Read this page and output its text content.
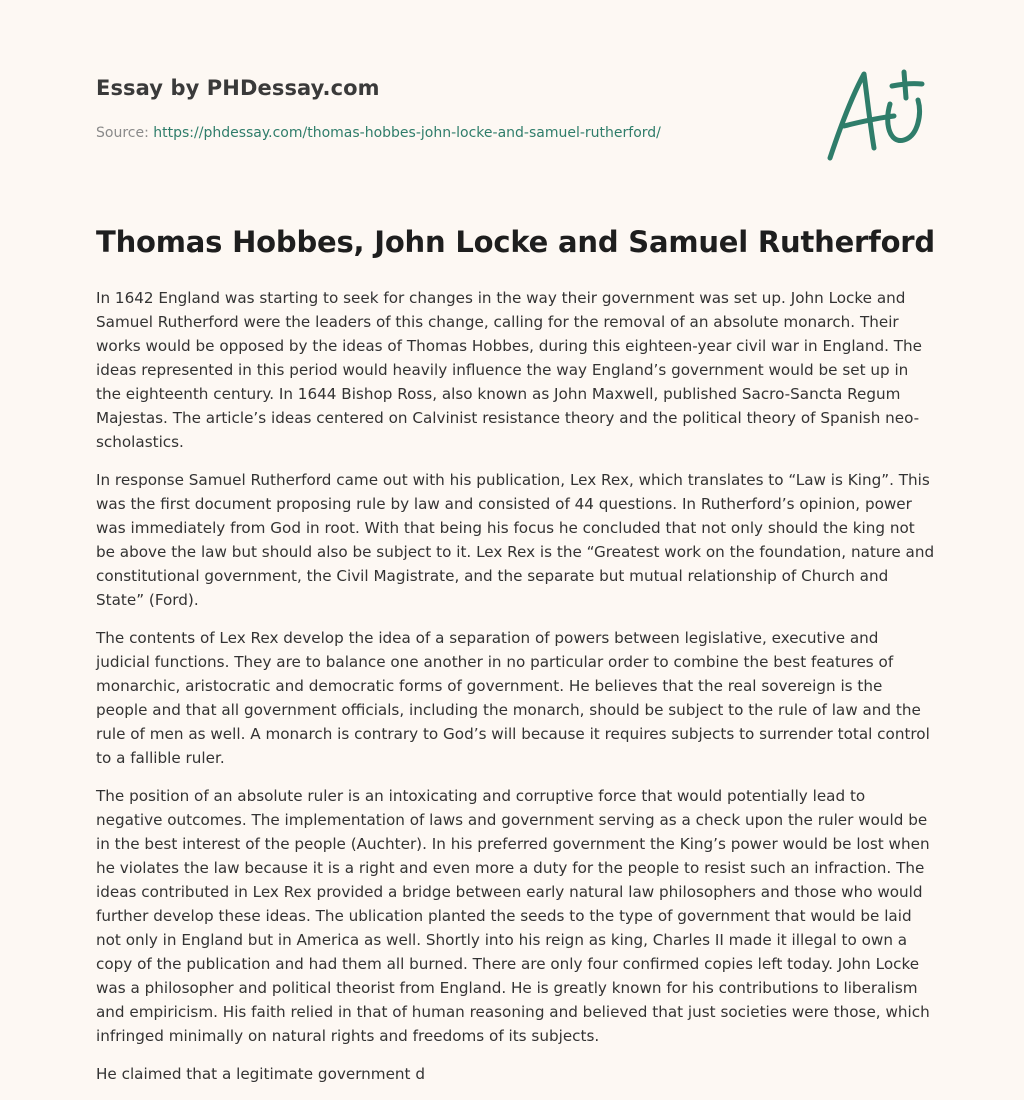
Essay by PHDessay.com
Source: https://phdessay.com/thomas-hobbes-john-locke-and-samuel-rutherford/
Thomas Hobbes, John Locke and Samuel Rutherford

In 1642 England was starting to seek for changes in the way their government was set up. John Locke and Samuel Rutherford were the leaders of this change, calling for the removal of an absolute monarch. Their works would be opposed by the ideas of Thomas Hobbes, during this eighteen-year civil war in England. The ideas represented in this period would heavily influence the way England’s government would be set up in the eighteenth century. In 1644 Bishop Ross, also known as John Maxwell, published Sacro-Sancta Regum Majestas. The article’s ideas centered on Calvinist resistance theory and the political theory of Spanish neo-scholastics.

In response Samuel Rutherford came out with his publication, Lex Rex, which translates to “Law is King”. This was the first document proposing rule by law and consisted of 44 questions. In Rutherford’s opinion, power was immediately from God in root. With that being his focus he concluded that not only should the king not be above the law but should also be subject to it. Lex Rex is the “Greatest work on the foundation, nature and constitutional government, the Civil Magistrate, and the separate but mutual relationship of Church and State” (Ford).

The contents of Lex Rex develop the idea of a separation of powers between legislative, executive and judicial functions. They are to balance one another in no particular order to combine the best features of monarchic, aristocratic and democratic forms of government. He believes that the real sovereign is the people and that all government officials, including the monarch, should be subject to the rule of law and the rule of men as well. A monarch is contrary to God’s will because it requires subjects to surrender total control to a fallible ruler.

The position of an absolute ruler is an intoxicating and corruptive force that would potentially lead to negative outcomes. The implementation of laws and government serving as a check upon the ruler would be in the best interest of the people (Auchter). In his preferred government the King’s power would be lost when he violates the law because it is a right and even more a duty for the people to resist such an infraction. The ideas contributed in Lex Rex provided a bridge between early natural law philosophers and those who would further develop these ideas. The ublication planted the seeds to the type of government that would be laid not only in England but in America as well. Shortly into his reign as king, Charles II made it illegal to own a copy of the publication and had them all burned. There are only four confirmed copies left today. John Locke was a philosopher and political theorist from England. He is greatly known for his contributions to liberalism and empiricism. His faith relied in that of human reasoning and believed that just societies were those, which infringed minimally on natural rights and freedoms of its subjects.

He claimed that a legitimate government d
